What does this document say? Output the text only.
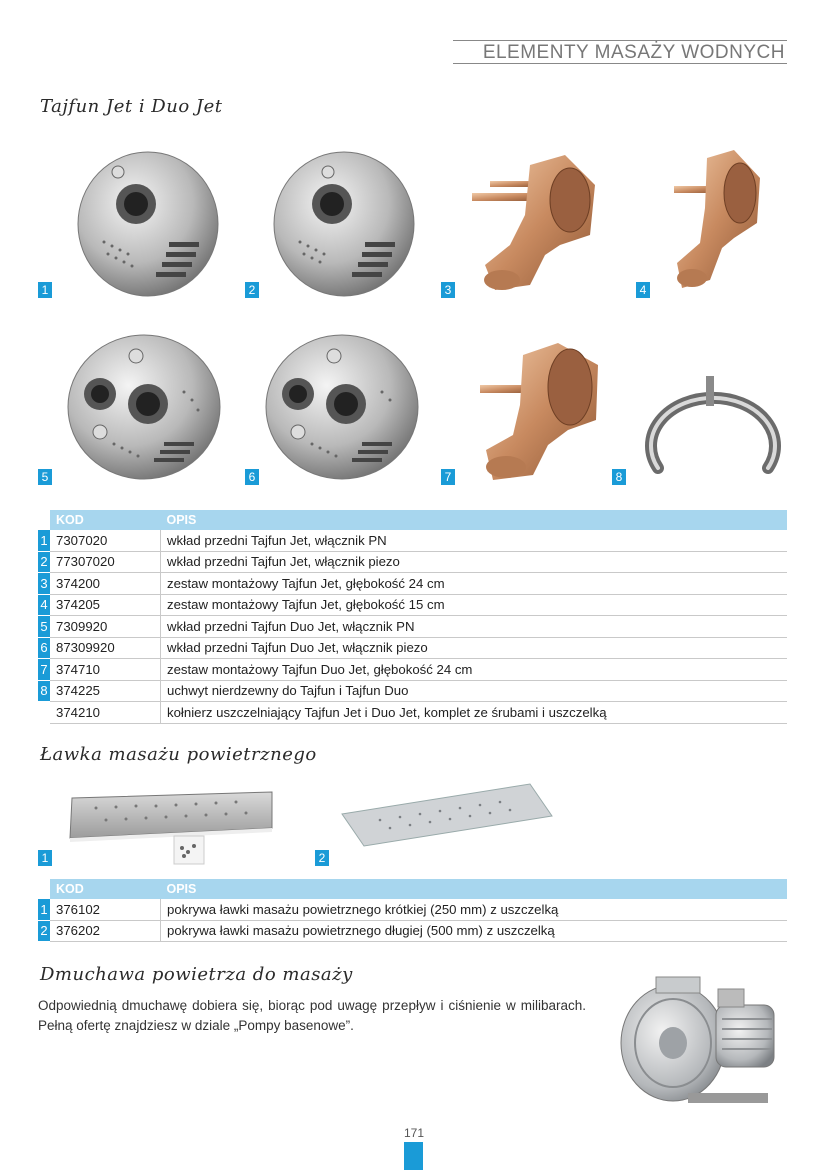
ELEMENTY MASAŻY WODNYCH
Tajfun Jet i Duo Jet
1	2	3	4
5	6	7	8
	KOD	OPIS
1	7307020	wkład przedni Tajfun Jet, włącznik PN
2	77307020	wkład przedni Tajfun Jet, włącznik piezo
3	374200	zestaw montażowy Tajfun Jet, głębokość 24 cm
4	374205	zestaw montażowy Tajfun Jet, głębokość 15 cm
5	7309920	wkład przedni Tajfun Duo Jet, włącznik PN
6	87309920	wkład przedni Tajfun Duo Jet, włącznik piezo
7	374710	zestaw montażowy Tajfun Duo Jet, głębokość 24 cm
8	374225	uchwyt nierdzewny do Tajfun i Tajfun Duo
	374210	kołnierz uszczelniający Tajfun Jet i Duo Jet, komplet ze śrubami i uszczelką
Ławka masażu powietrznego
1	2
	KOD	OPIS
1	376102	pokrywa ławki masażu powietrznego krótkiej (250 mm) z uszczelką
2	376202	pokrywa ławki masażu powietrznego długiej (500 mm) z uszczelką
Dmuchawa powietrza do masaży
Odpowiednią dmuchawę dobiera się, biorąc pod uwagę przepływ i ciśnienie w milibarach. Pełną ofertę znajdziesz w dziale „Pompy basenowe”.
171
